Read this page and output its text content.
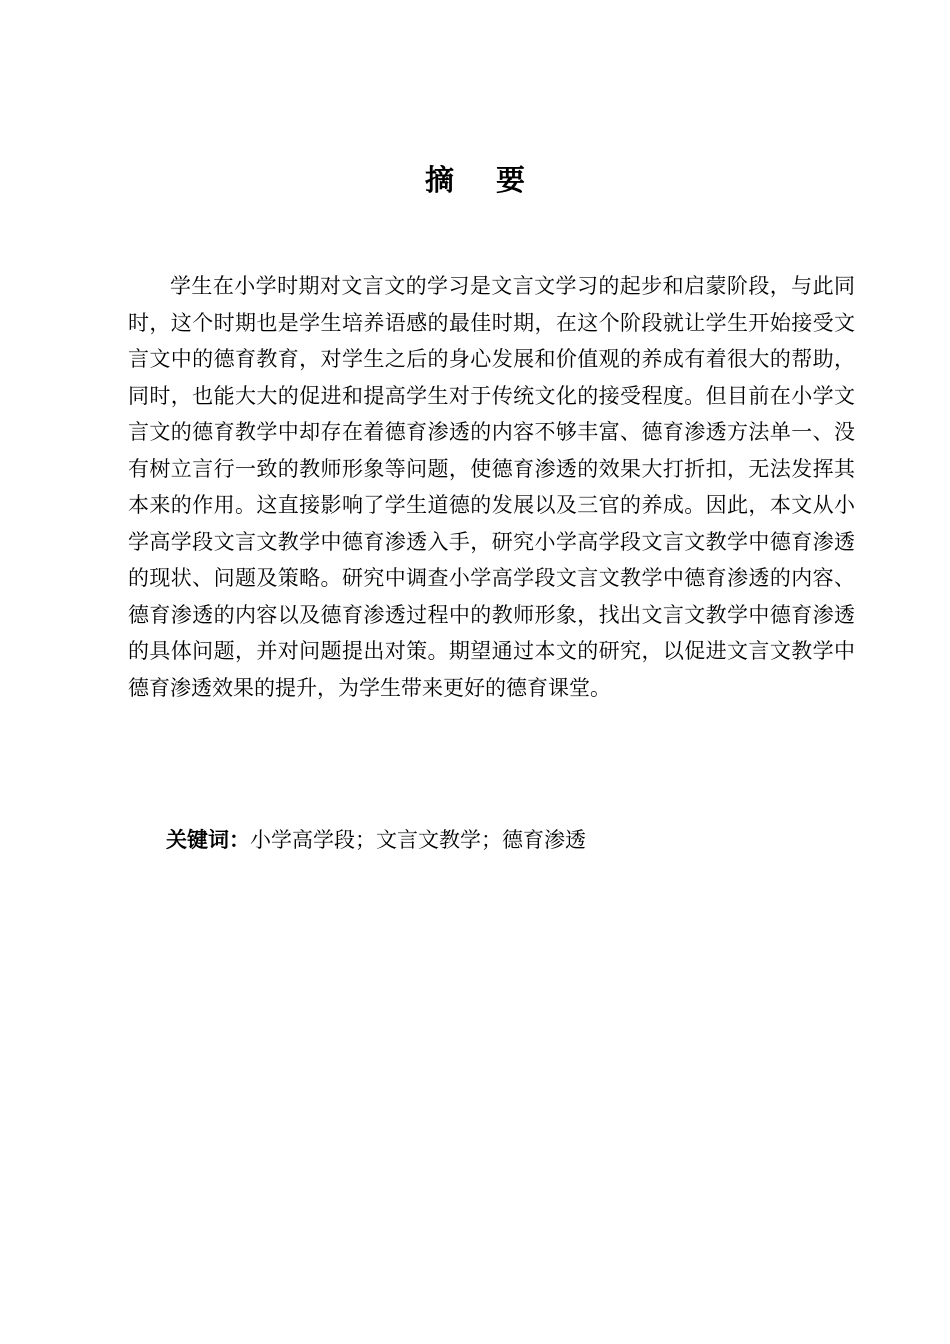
摘 要

学生在小学时期对文言文的学习是文言文学习的起步和启蒙阶段，与此同时，这个时期也是学生培养语感的最佳时期，在这个阶段就让学生开始接受文言文中的德育教育，对学生之后的身心发展和价值观的养成有着很大的帮助，同时，也能大大的促进和提高学生对于传统文化的接受程度。但目前在小学文言文的德育教学中却存在着德育渗透的内容不够丰富、德育渗透方法单一、没有树立言行一致的教师形象等问题，使德育渗透的效果大打折扣，无法发挥其本来的作用。这直接影响了学生道德的发展以及三官的养成。因此，本文从小学高学段文言文教学中德育渗透入手，研究小学高学段文言文教学中德育渗透的现状、问题及策略。研究中调查小学高学段文言文教学中德育渗透的内容、德育渗透的内容以及德育渗透过程中的教师形象，找出文言文教学中德育渗透的具体问题，并对问题提出对策。期望通过本文的研究，以促进文言文教学中德育渗透效果的提升，为学生带来更好的德育课堂。

关键词：小学高学段；文言文教学；德育渗透
